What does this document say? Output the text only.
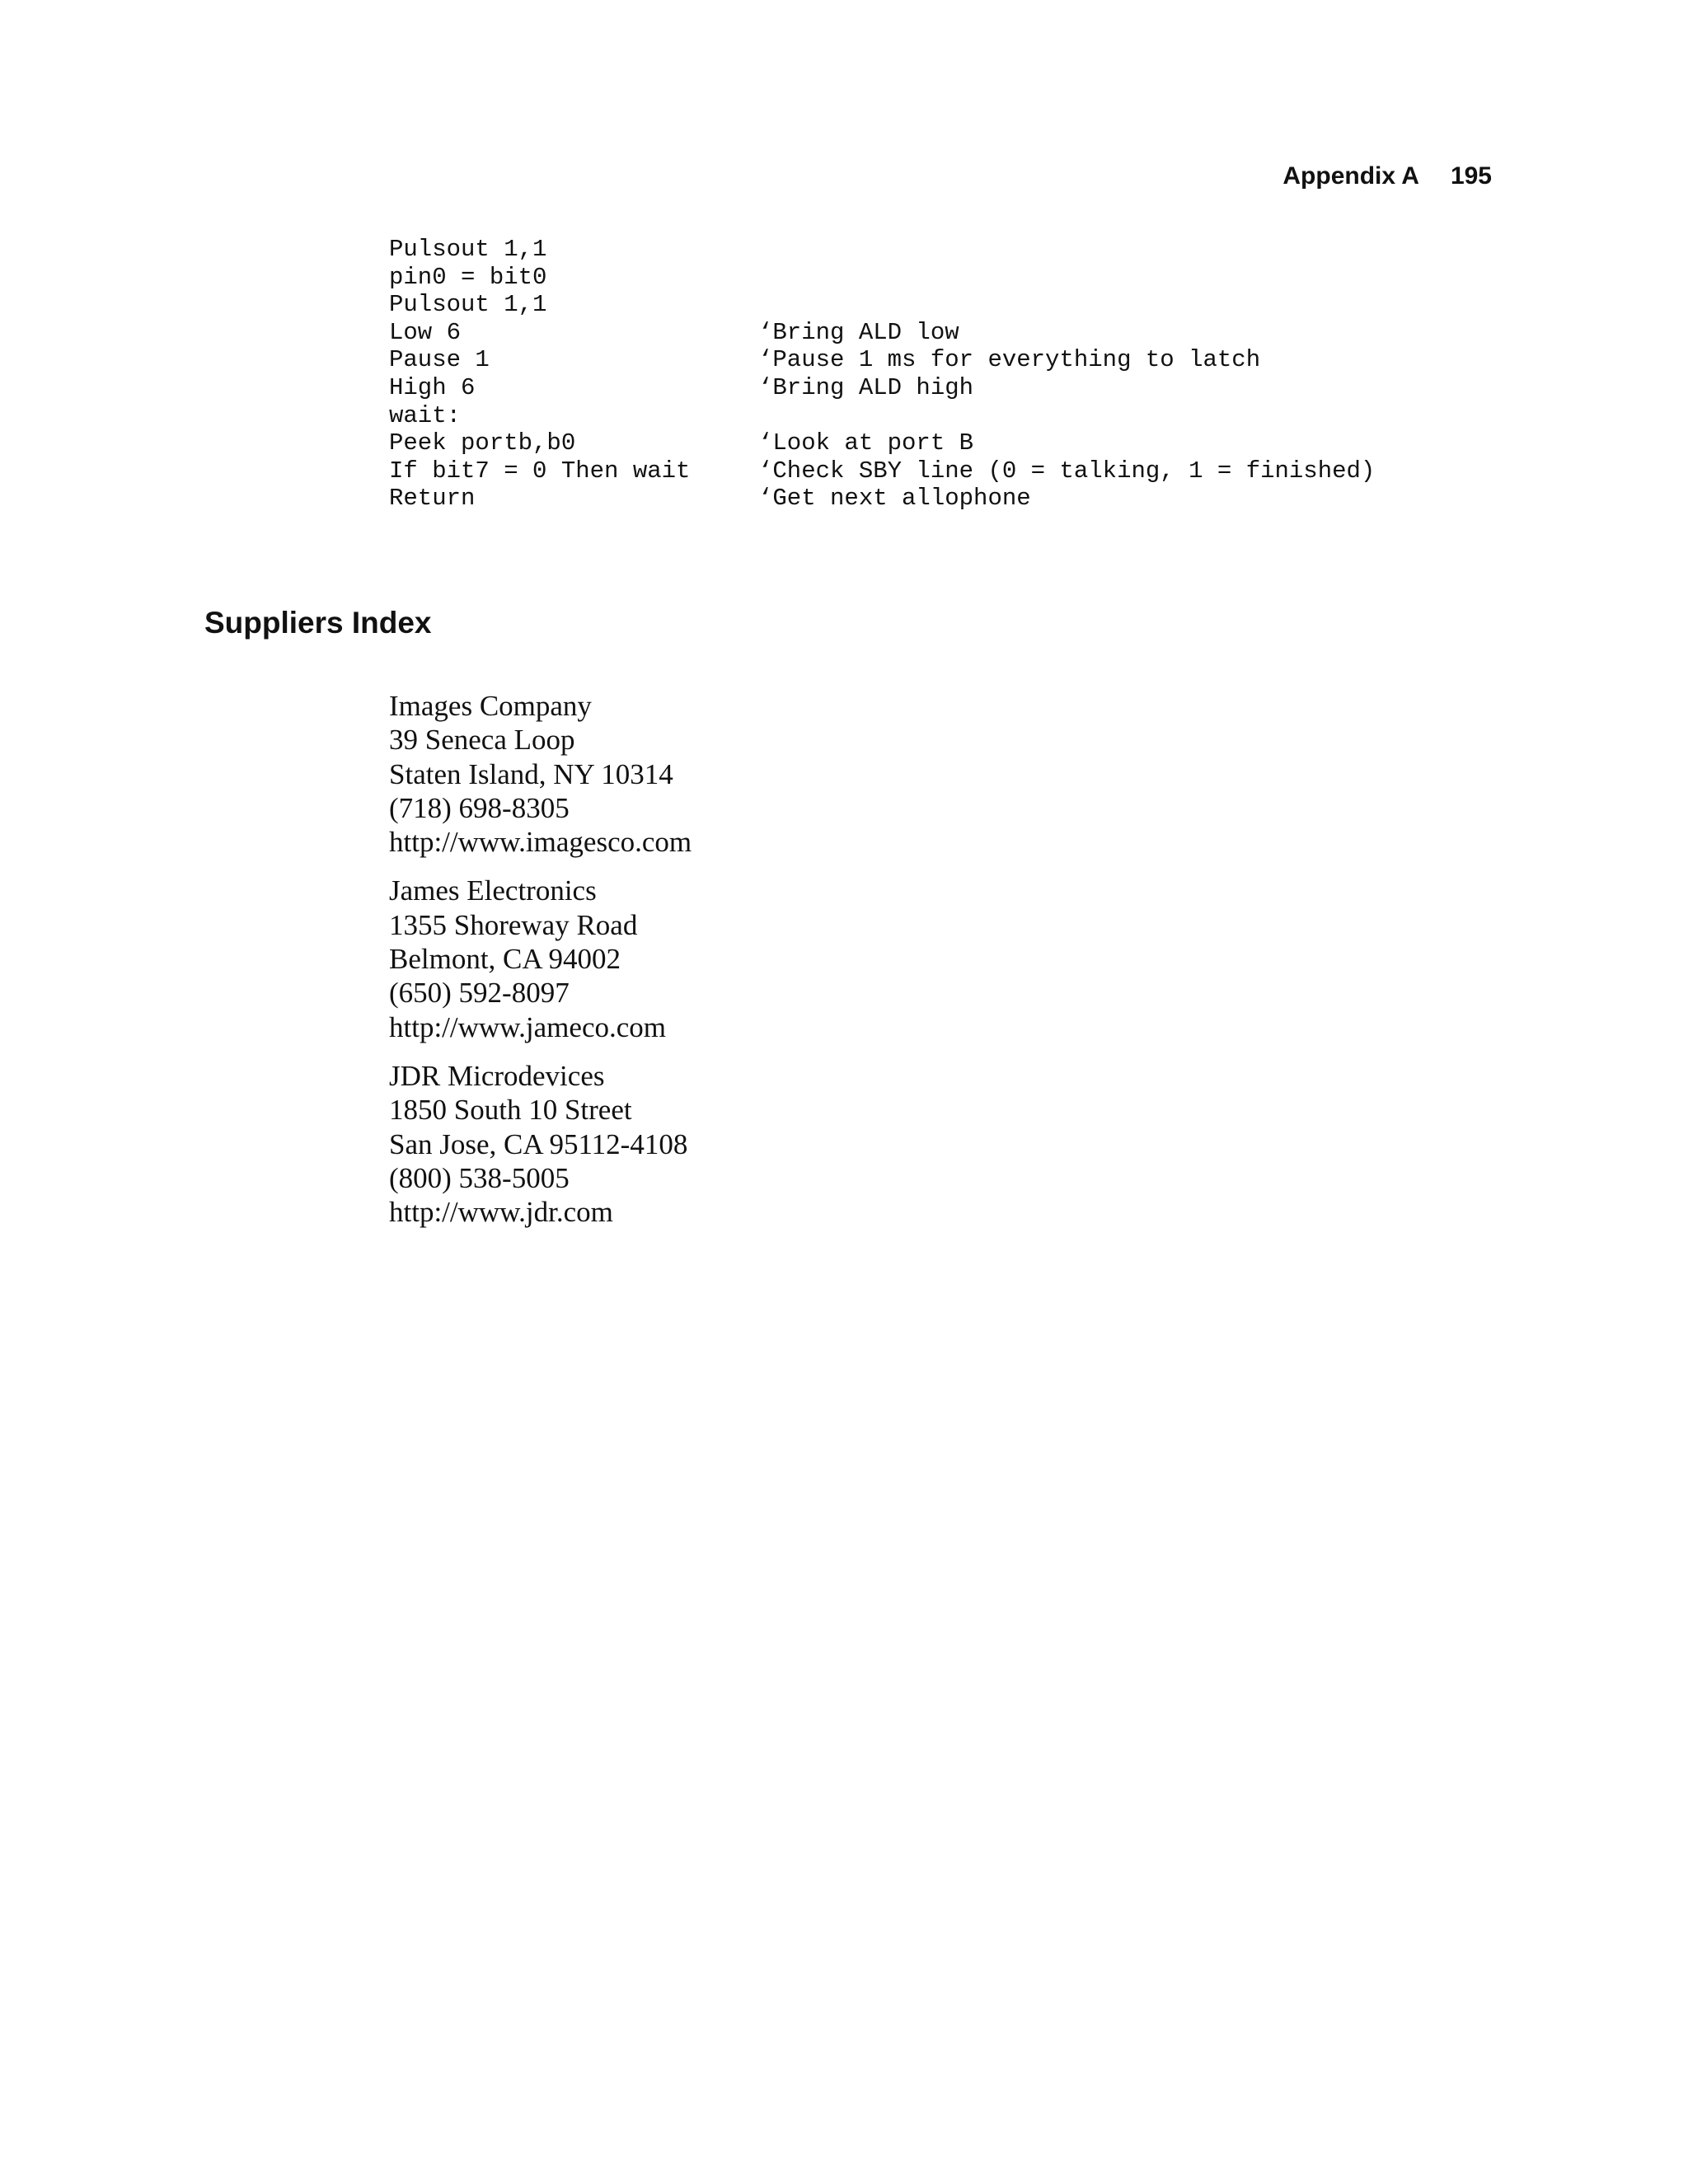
Appendix A 195
Pulsout 1,1
pin0 = bit0
Pulsout 1,1
Low 6	‘Bring ALD low
Pause 1	‘Pause 1 ms for everything to latch
High 6	‘Bring ALD high
wait:
Peek portb,b0	‘Look at port B
If bit7 = 0 Then wait	‘Check SBY line (0 = talking, 1 = finished)
Return	‘Get next allophone
Suppliers Index
Images Company
39 Seneca Loop
Staten Island, NY 10314
(718) 698-8305
http://www.imagesco.com
James Electronics
1355 Shoreway Road
Belmont, CA 94002
(650) 592-8097
http://www.jameco.com
JDR Microdevices
1850 South 10 Street
San Jose, CA 95112-4108
(800) 538-5005
http://www.jdr.com
